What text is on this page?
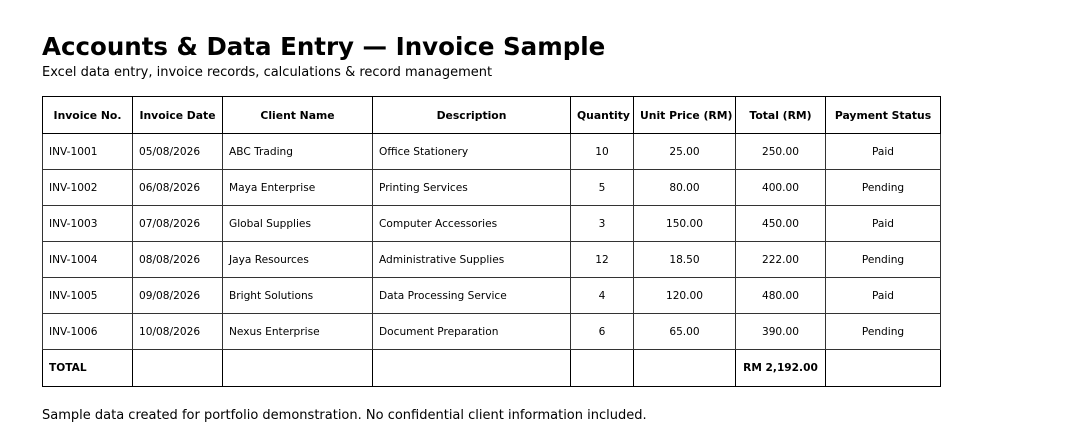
Accounts & Data Entry — Invoice Sample

Excel data entry, invoice records, calculations & record management

Invoice No.	Invoice Date	Client Name	Description	Quantity	Unit Price (RM)	Total (RM)	Payment Status
INV-1001	05/08/2026	ABC Trading	Office Stationery	10	25.00	250.00	Paid
INV-1002	06/08/2026	Maya Enterprise	Printing Services	5	80.00	400.00	Pending
INV-1003	07/08/2026	Global Supplies	Computer Accessories	3	150.00	450.00	Paid
INV-1004	08/08/2026	Jaya Resources	Administrative Supplies	12	18.50	222.00	Pending
INV-1005	09/08/2026	Bright Solutions	Data Processing Service	4	120.00	480.00	Paid
INV-1006	10/08/2026	Nexus Enterprise	Document Preparation	6	65.00	390.00	Pending
TOTAL						RM 2,192.00	

Sample data created for portfolio demonstration. No confidential client information included.
